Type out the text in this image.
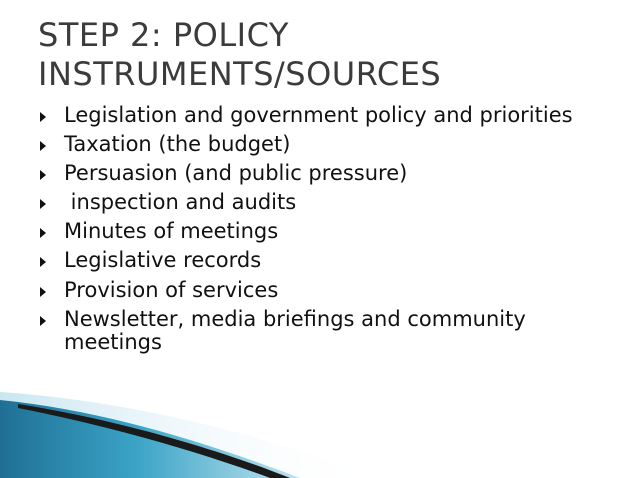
STEP 2: POLICY
INSTRUMENTS/SOURCES
Legislation and government policy and priorities
Taxation (the budget)
Persuasion (and public pressure)
inspection and audits
Minutes of meetings
Legislative records
Provision of services
Newsletter, media briefings and community meetings
